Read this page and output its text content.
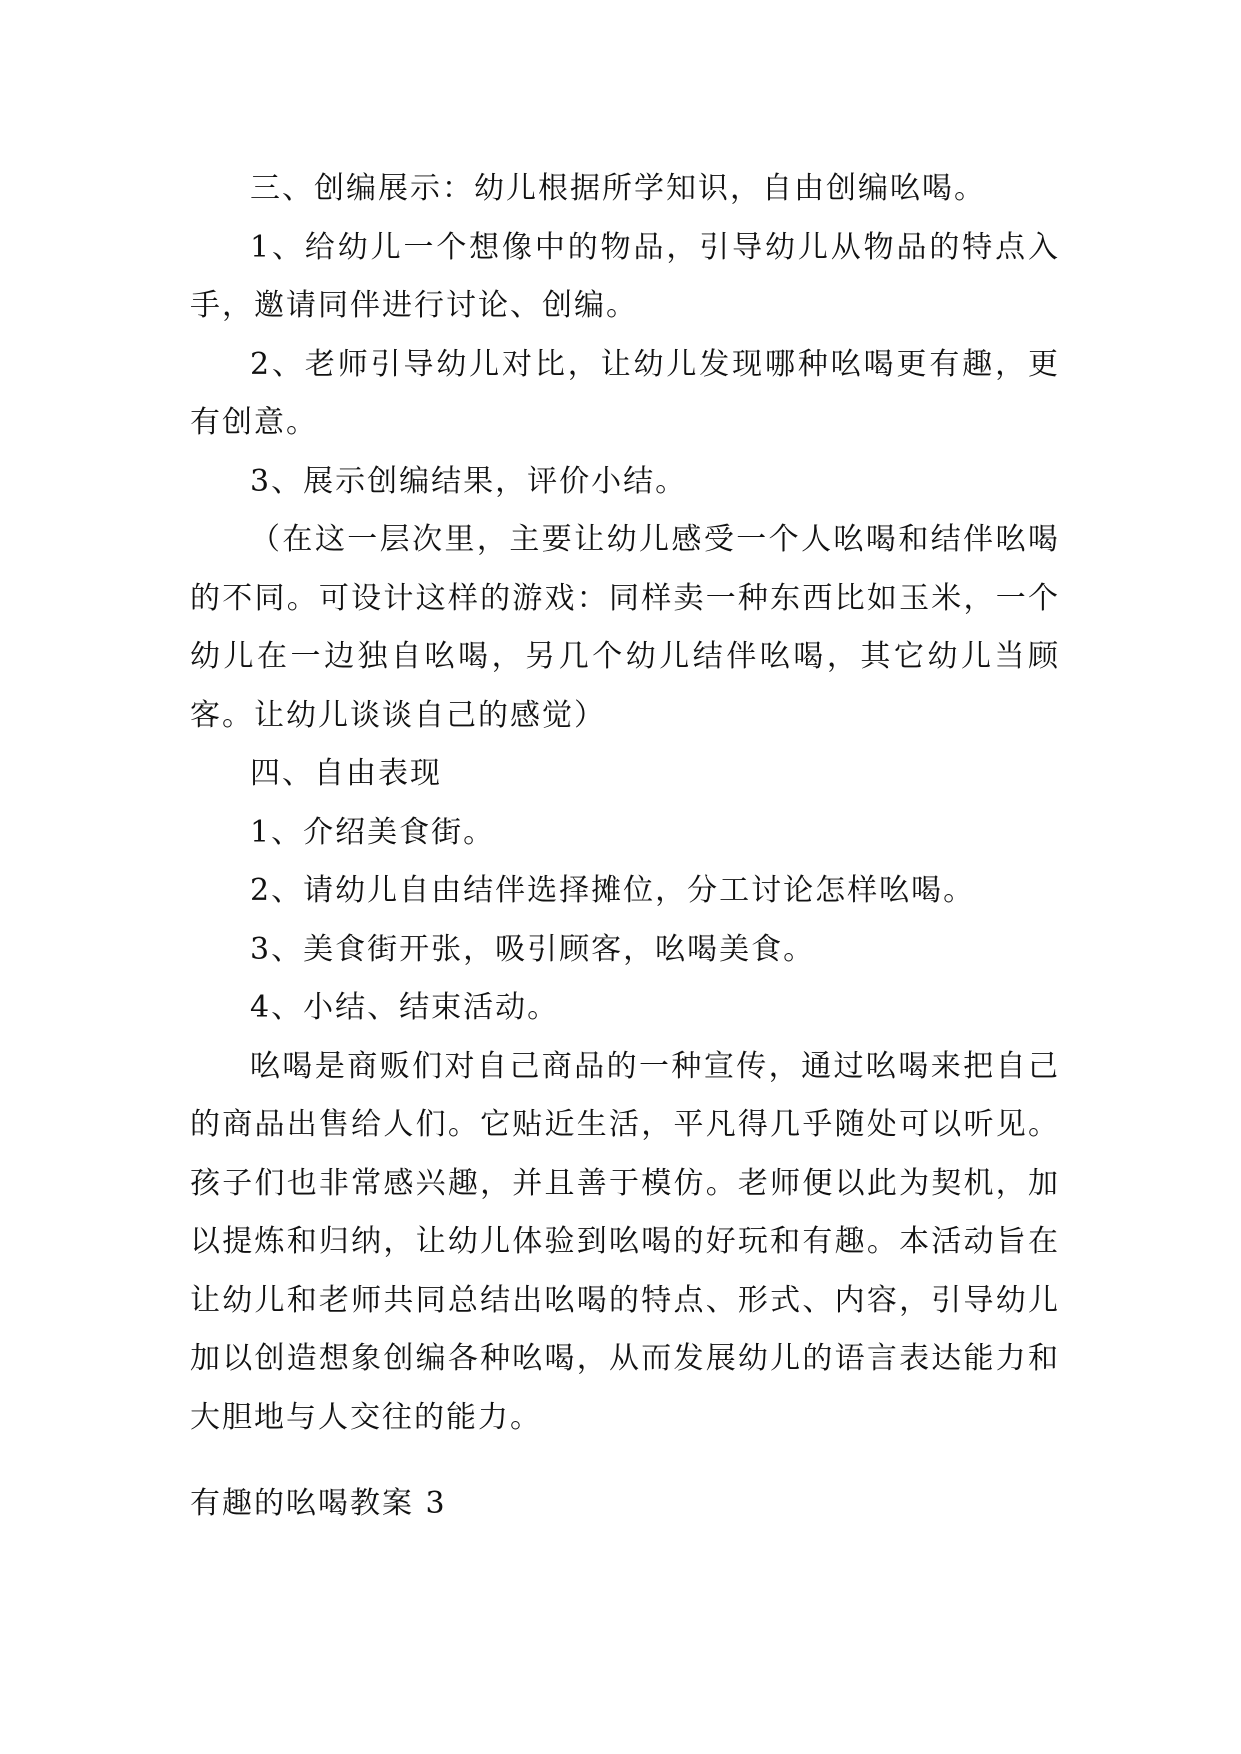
三、创编展示：幼儿根据所学知识，自由创编吆喝。

1、给幼儿一个想像中的物品，引导幼儿从物品的特点入手，邀请同伴进行讨论、创编。

2、老师引导幼儿对比，让幼儿发现哪种吆喝更有趣，更有创意。

3、展示创编结果，评价小结。

（在这一层次里，主要让幼儿感受一个人吆喝和结伴吆喝的不同。可设计这样的游戏：同样卖一种东西比如玉米，一个幼儿在一边独自吆喝，另几个幼儿结伴吆喝，其它幼儿当顾客。让幼儿谈谈自己的感觉）

四、自由表现

1、介绍美食街。

2、请幼儿自由结伴选择摊位，分工讨论怎样吆喝。

3、美食街开张，吸引顾客，吆喝美食。

4、小结、结束活动。

吆喝是商贩们对自己商品的一种宣传，通过吆喝来把自己的商品出售给人们。它贴近生活，平凡得几乎随处可以听见。孩子们也非常感兴趣，并且善于模仿。老师便以此为契机，加以提炼和归纳，让幼儿体验到吆喝的好玩和有趣。本活动旨在让幼儿和老师共同总结出吆喝的特点、形式、内容，引导幼儿加以创造想象创编各种吆喝，从而发展幼儿的语言表达能力和大胆地与人交往的能力。

有趣的吆喝教案 3
